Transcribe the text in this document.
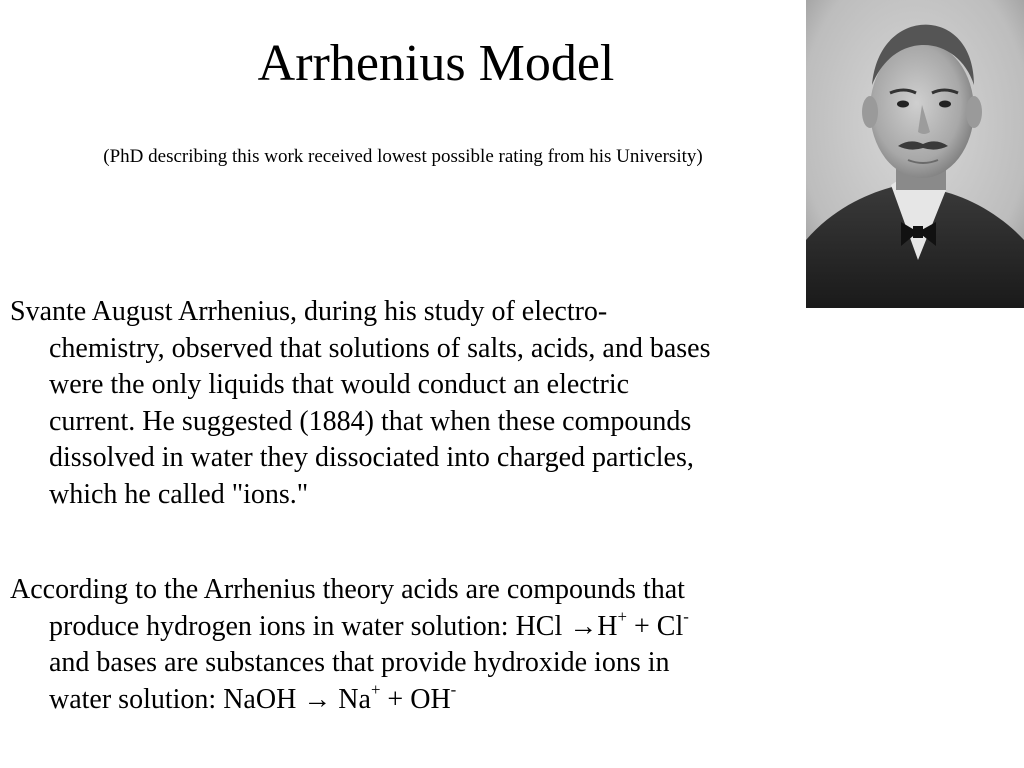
Arrhenius Model
(PhD describing this work received lowest possible rating from his University)
Svante August Arrhenius, during his study of electro-
chemistry, observed that solutions of salts, acids, and bases
were the only liquids that would conduct an electric
current. He suggested (1884) that when these compounds
dissolved in water they dissociated into charged particles,
which he called "ions."
According to the Arrhenius theory acids are compounds that
produce hydrogen ions in water solution: HCl →H+ + Cl-
and bases are substances that provide hydroxide ions in
water solution: NaOH → Na+ + OH-
